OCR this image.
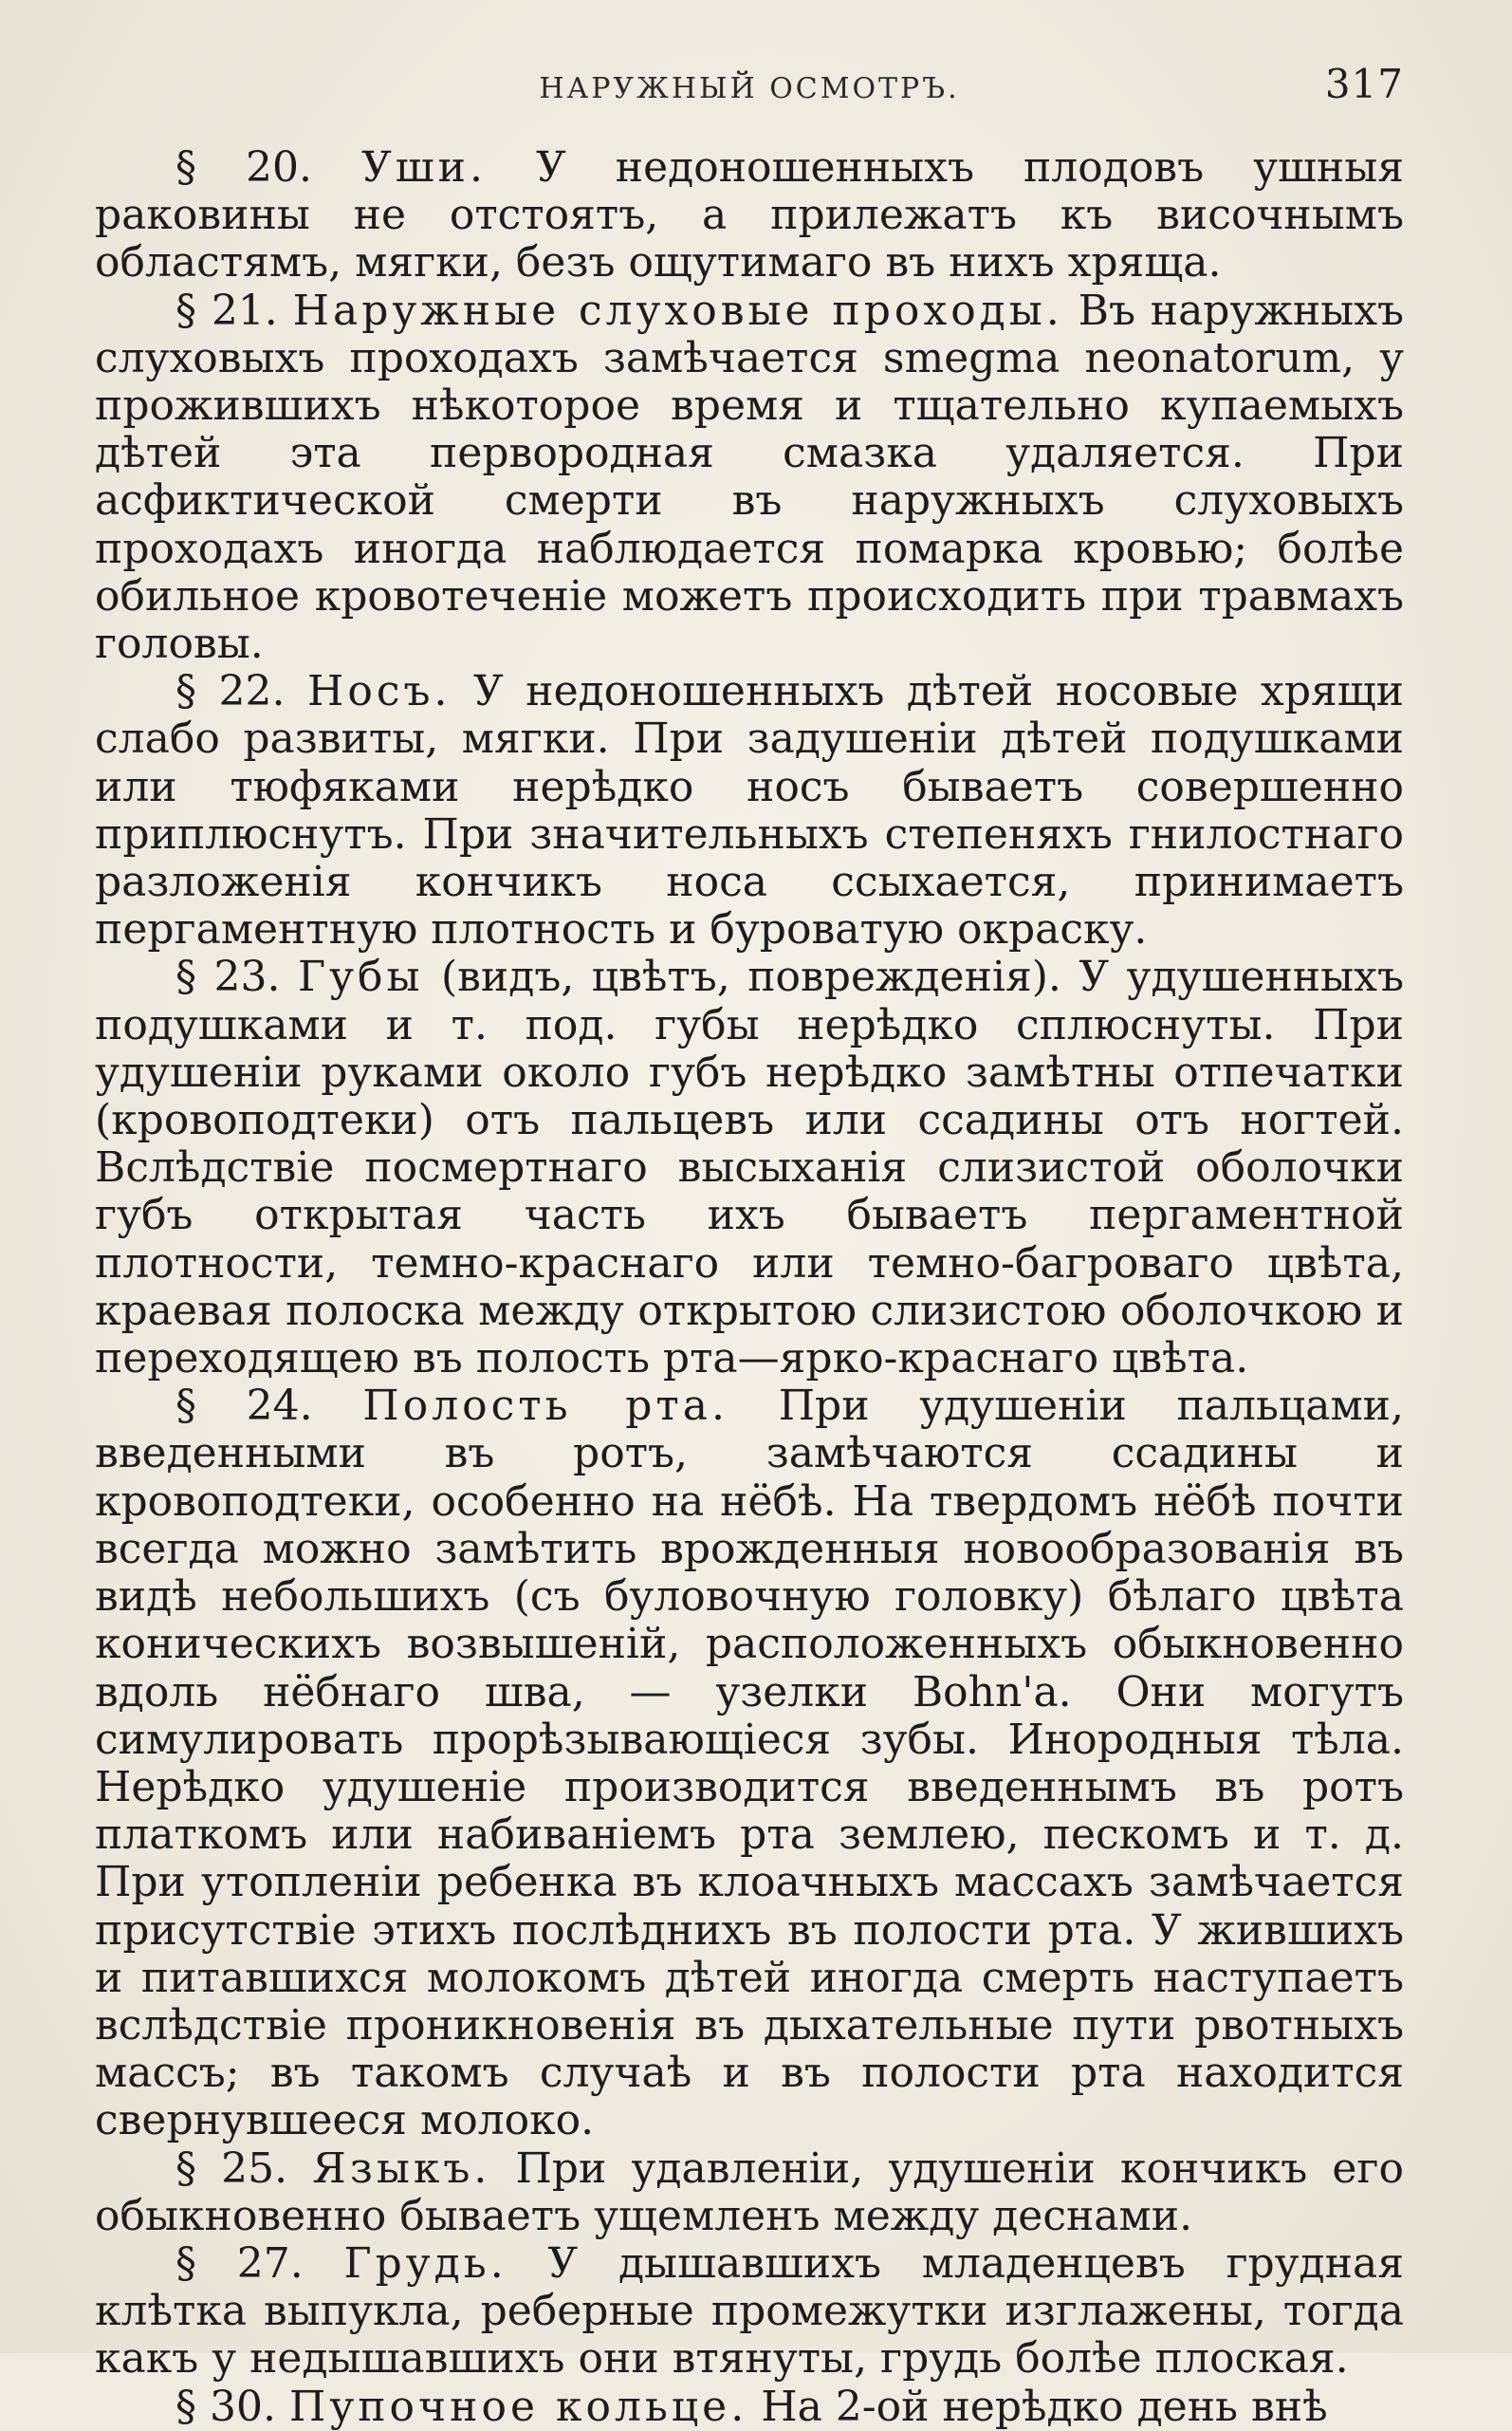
НАРУЖНЫЙ ОСМОТРЪ.	317

§ 20. Уши. У недоношенныхъ плодовъ ушныя раковины не отстоятъ, а прилежатъ къ височнымъ областямъ, мягки, безъ ощутимаго въ нихъ хряща.

§ 21. Наружные слуховые проходы. Въ наружныхъ слуховыхъ проходахъ замѣчается smegma neonatorum, у прожившихъ нѣкоторое время и тщательно купаемыхъ дѣтей эта первородная смазка удаляется. При асфиктической смерти въ наружныхъ слуховыхъ проходахъ иногда наблюдается помарка кровью; болѣе обильное кровотеченіе можетъ происходить при травмахъ головы.

§ 22. Носъ. У недоношенныхъ дѣтей носовые хрящи слабо развиты, мягки. При задушеніи дѣтей подушками или тюфяками нерѣдко носъ бываетъ совершенно приплюснутъ. При значительныхъ степеняхъ гнилостнаго разложенія кончикъ носа ссыхается, принимаетъ пергаментную плотность и буроватую окраску.

§ 23. Губы (видъ, цвѣтъ, поврежденія). У удушенныхъ подушками и т. под. губы нерѣдко сплюснуты. При удушеніи руками около губъ нерѣдко замѣтны отпечатки (кровоподтеки) отъ пальцевъ или ссадины отъ ногтей. Вслѣдствіе посмертнаго высыханія слизистой оболочки губъ открытая часть ихъ бываетъ пергаментной плотности, темно-краснаго или темно-багроваго цвѣта, краевая полоска между открытою слизистою оболочкою и переходящею въ полость рта—ярко-краснаго цвѣта.

§ 24. Полость рта. При удушеніи пальцами, введенными въ ротъ, замѣчаются ссадины и кровоподтеки, особенно на нёбѣ. На твердомъ нёбѣ почти всегда можно замѣтить врожденныя новообразованія въ видѣ небольшихъ (съ буловочную головку) бѣлаго цвѣта коническихъ возвышеній, расположенныхъ обыкновенно вдоль нёбнаго шва, — узелки Bohn'a. Они могутъ симулировать прорѣзывающіеся зубы. Инородныя тѣла. Нерѣдко удушеніе производится введеннымъ въ ротъ платкомъ или набиваніемъ рта землею, пескомъ и т. д. При утопленіи ребенка въ клоачныхъ массахъ замѣчается присутствіе этихъ послѣднихъ въ полости рта. У жившихъ и питавшихся молокомъ дѣтей иногда смерть наступаетъ вслѣдствіе проникновенія въ дыхательные пути рвотныхъ массъ; въ такомъ случаѣ и въ полости рта находится свернувшееся молоко.

§ 25. Языкъ. При удавленіи, удушеніи кончикъ его обыкновенно бываетъ ущемленъ между деснами.

§ 27. Грудь. У дышавшихъ младенцевъ грудная клѣтка выпукла, реберные промежутки изглажены, тогда какъ у недышавшихъ они втянуты, грудь болѣе плоская.

§ 30. Пупочное кольце. На 2-ой нерѣдко день внѣ
